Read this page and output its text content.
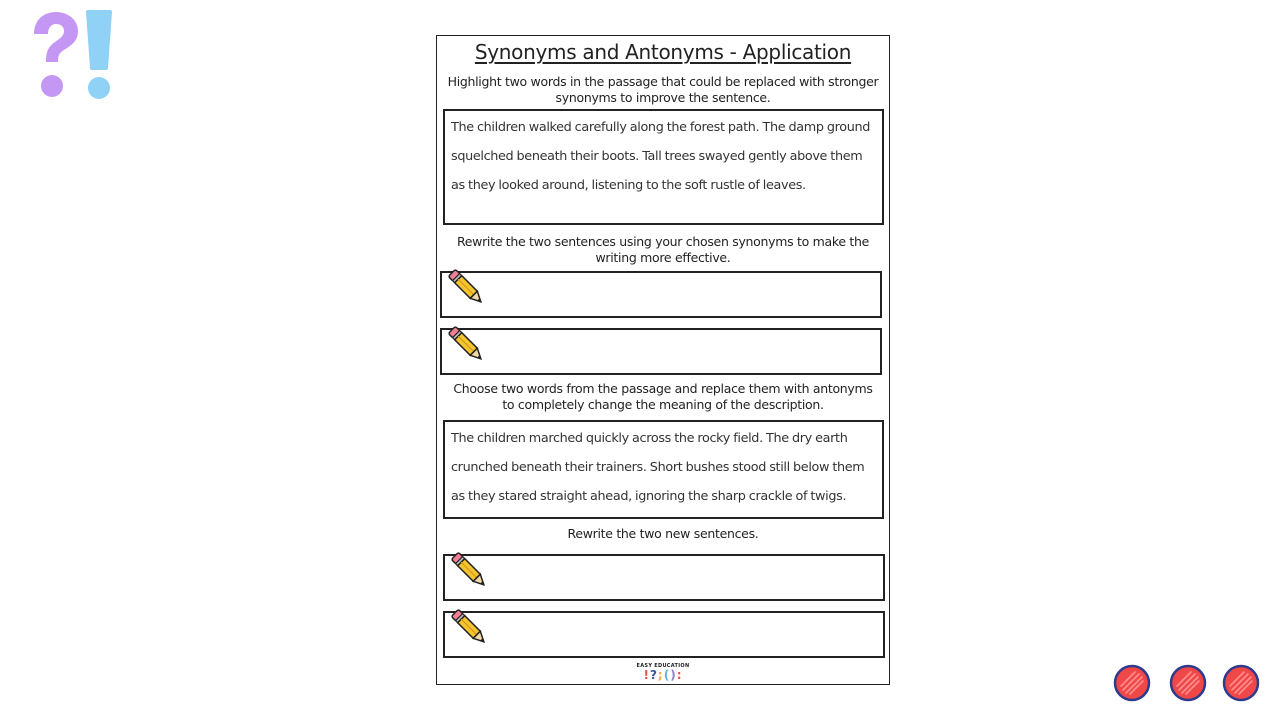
Synonyms and Antonyms - Application
Highlight two words in the passage that could be replaced with stronger synonyms to improve the sentence.
The children walked carefully along the forest path. The damp ground squelched beneath their boots. Tall trees swayed gently above them as they looked around, listening to the soft rustle of leaves.
Rewrite the two sentences using your chosen synonyms to make the writing more effective.
Choose two words from the passage and replace them with antonyms to completely change the meaning of the description.
The children marched quickly across the rocky field. The dry earth crunched beneath their trainers. Short bushes stood still below them as they stared straight ahead, ignoring the sharp crackle of twigs.
Rewrite the two new sentences.
EASY EDUCATION
!?;():
